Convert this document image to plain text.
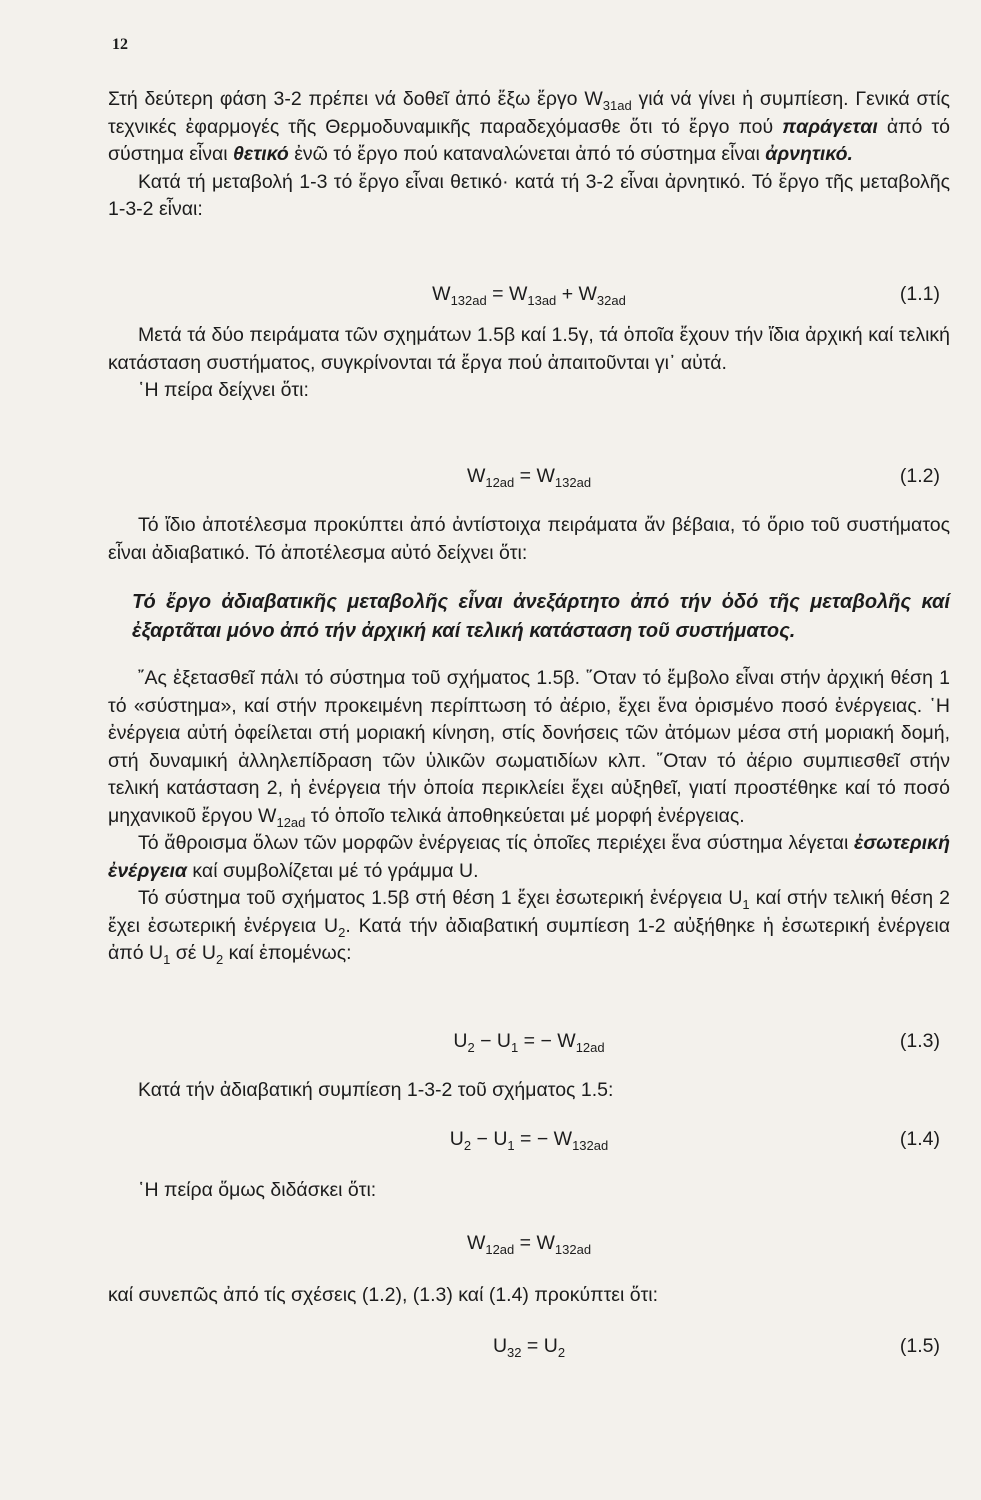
12

Στή δεύτερη φάση 3-2 πρέπει νά δοθεῖ ἀπό ἔξω ἔργο $W_{31ad}$ γιά νά γίνει ἡ συμπίεση. Γενικά στίς τεχνικές ἐφαρμογές τῆς Θερμοδυναμικῆς παραδεχόμασθε ὅτι τό ἔργο πού παράγεται ἀπό τό σύστημα εἶναι θετικό ἐνῶ τό ἔργο πού καταναλώνεται ἀπό τό σύστημα εἶναι ἀρνητικό.

Κατά τή μεταβολή 1-3 τό ἔργο εἶναι θετικό· κατά τή 3-2 εἶναι ἀρνητικό. Τό ἔργο τῆς μεταβολῆς 1-3-2 εἶναι:

$W_{132ad} = W_{13ad} + W_{32ad}$	(1.1)

Μετά τά δύο πειράματα τῶν σχημάτων 1.5β καί 1.5γ, τά ὁποῖα ἔχουν τήν ἴδια ἀρχική καί τελική κατάσταση συστήματος, συγκρίνονται τά ἔργα πού ἀπαιτοῦνται γι᾽ αὐτά.

῾Η πείρα δείχνει ὅτι:

$W_{12ad} = W_{132ad}$	(1.2)

Τό ἴδιο ἀποτέλεσμα προκύπτει ἀπό ἀντίστοιχα πειράματα ἄν βέβαια, τό ὅριο τοῦ συστήματος εἶναι ἀδιαβατικό. Τό ἀποτέλεσμα αὐτό δείχνει ὅτι:

Τό ἔργο ἀδιαβατικῆς μεταβολῆς εἶναι ἀνεξάρτητο ἀπό τήν ὁδό τῆς μεταβολῆς καί ἐξαρτᾶται μόνο ἀπό τήν ἀρχική καί τελική κατάσταση τοῦ συστήματος.

῎Ας ἐξετασθεῖ πάλι τό σύστημα τοῦ σχήματος 1.5β. ῞Οταν τό ἔμβολο εἶναι στήν ἀρχική θέση 1 τό «σύστημα», καί στήν προκειμένη περίπτωση τό ἀέριο, ἔχει ἕνα ὁρισμένο ποσό ἐνέργειας. ῾Η ἐνέργεια αὐτή ὀφείλεται στή μοριακή κίνηση, στίς δονήσεις τῶν ἀτόμων μέσα στή μοριακή δομή, στή δυναμική ἀλληλεπίδραση τῶν ὑλικῶν σωματιδίων κλπ. ῞Οταν τό ἀέριο συμπιεσθεῖ στήν τελική κατάσταση 2, ἡ ἐνέργεια τήν ὁποία περικλείει ἔχει αὐξηθεῖ, γιατί προστέθηκε καί τό ποσό μηχανικοῦ ἔργου $W_{12ad}$ τό ὁποῖο τελικά ἀποθηκεύεται μέ μορφή ἐνέργειας.

Τό ἄθροισμα ὅλων τῶν μορφῶν ἐνέργειας τίς ὁποῖες περιέχει ἕνα σύστημα λέγεται ἐσωτερική ἐνέργεια καί συμβολίζεται μέ τό γράμμα U.

Τό σύστημα τοῦ σχήματος 1.5β στή θέση 1 ἔχει ἐσωτερική ἐνέργεια $U_1$ καί στήν τελική θέση 2 ἔχει ἐσωτερική ἐνέργεια $U_2$. Κατά τήν ἀδιαβατική συμπίεση 1-2 αὐξήθηκε ἡ ἐσωτερική ἐνέργεια ἀπό $U_1$ σέ $U_2$ καί ἑπομένως:

$U_2 - U_1$ = − $W_{12ad}$	(1.3)

Κατά τήν ἀδιαβατική συμπίεση 1-3-2 τοῦ σχήματος 1.5:

$U_2 - U_1$ = − $W_{132ad}$	(1.4)

῾Η πείρα ὅμως διδάσκει ὅτι:

$W_{12ad} = W_{132ad}$

καί συνεπῶς ἀπό τίς σχέσεις (1.2), (1.3) καί (1.4) προκύπτει ὅτι:

$U_{32} = U_2$	(1.5)
